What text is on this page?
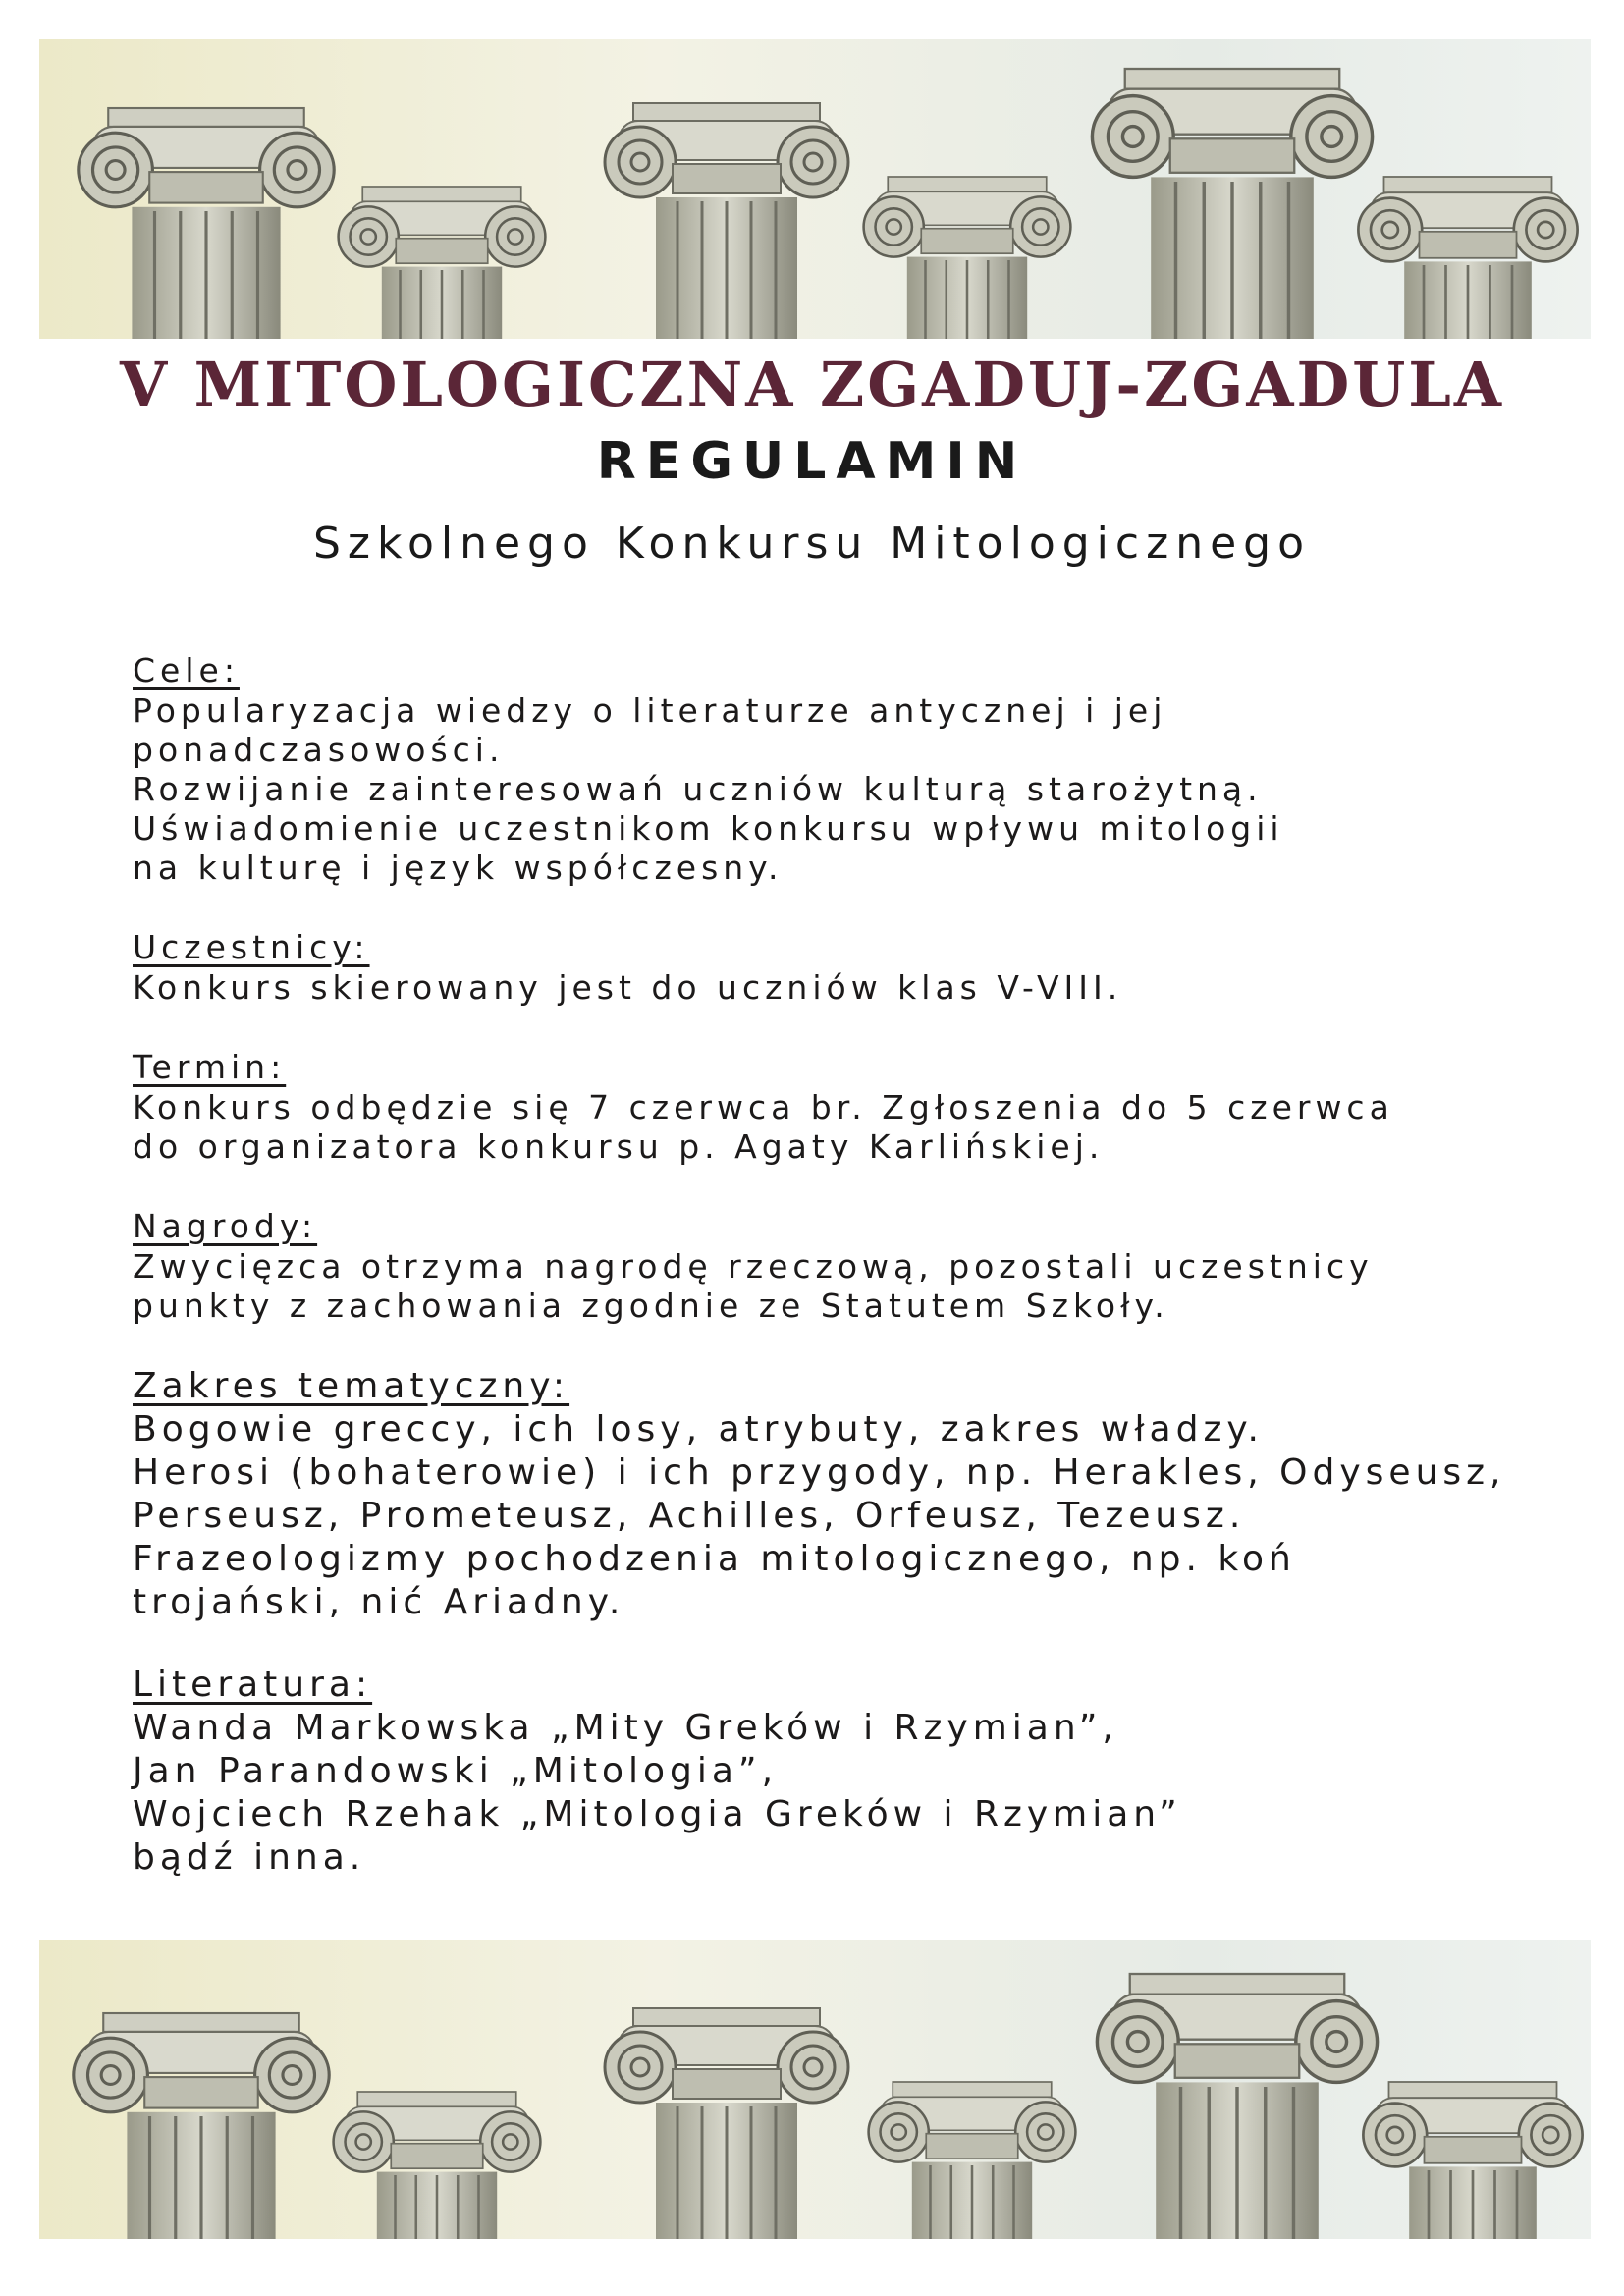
V MITOLOGICZNA ZGADUJ-ZGADULA
REGULAMIN

Szkolnego Konkursu Mitologicznego

Cele:

Popularyzacja wiedzy o literaturze antycznej i jej

ponadczasowości.

Rozwijanie zainteresowań uczniów kulturą starożytną.

Uświadomienie uczestnikom konkursu wpływu mitologii

na kulturę i język współczesny.

Uczestnicy:

Konkurs skierowany jest do uczniów klas V-VIII.

Termin:

Konkurs odbędzie się 7 czerwca br. Zgłoszenia do 5 czerwca

do organizatora konkursu p. Agaty Karlińskiej.

Nagrody:

Zwycięzca otrzyma nagrodę rzeczową, pozostali uczestnicy

punkty z zachowania zgodnie ze Statutem Szkoły.

Zakres tematyczny:

Bogowie greccy, ich losy, atrybuty, zakres władzy.

Herosi (bohaterowie) i ich przygody, np. Herakles, Odyseusz,

Perseusz, Prometeusz, Achilles, Orfeusz, Tezeusz.

Frazeologizmy pochodzenia mitologicznego, np. koń

trojański, nić Ariadny.

Literatura:

Wanda Markowska „Mity Greków i Rzymian”,

Jan Parandowski „Mitologia”,

Wojciech Rzehak „Mitologia Greków i Rzymian”

bądź inna.
